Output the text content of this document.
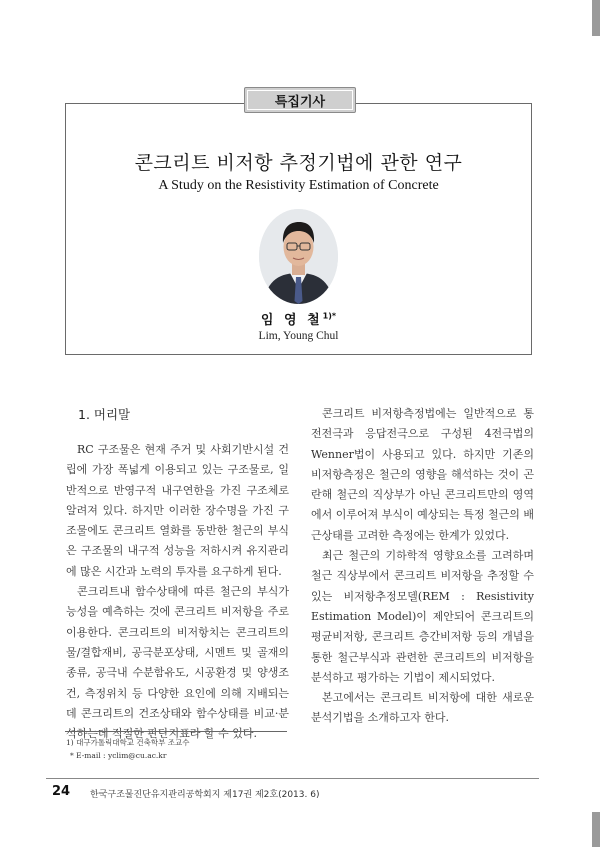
콘크리트 비저항 추정기법에 관한 연구
A Study on the Resistivity Estimation of Concrete
임 영 철$^{1)*}$
Lim, Young Chul
특집기사
1. 머리말

RC 구조물은 현재 주거 및 사회기반시설 건립에 가장 폭넓게 이용되고 있는 구조물로, 일반적으로 반영구적 내구연한을 가진 구조체로 알려져 있다. 하지만 이러한 장수명을 가진 구조물에도 콘크리트 열화를 동반한 철근의 부식은 구조물의 내구적 성능을 저하시켜 유지관리에 많은 시간과 노력의 투자를 요구하게 된다.

콘크리트내 함수상태에 따른 철근의 부식가능성을 예측하는 것에 콘크리트 비저항을 주로 이용한다. 콘크리트의 비저항치는 콘크리트의 물/결합재비, 공극분포상태, 시멘트 및 골재의 종류, 공극내 수분함유도, 시공환경 및 양생조건, 측정위치 등 다양한 요인에 의해 지배되는데 콘크리트의 건조상태와 함수상태를 비교·분석하는데 적절한 판단지표라 할 수 있다.

콘크리트 비저항측정법에는 일반적으로 통전전극과 응답전극으로 구성된 4전극법의 Wenner법이 사용되고 있다. 하지만 기존의 비저항측정은 철근의 영향을 해석하는 것이 곤란해 철근의 직상부가 아닌 콘크리트만의 영역에서 이루어져 부식이 예상되는 특정 철근의 배근상태를 고려한 측정에는 한계가 있었다.

최근 철근의 기하학적 영향요소를 고려하며 철근 직상부에서 콘크리트 비저항을 추정할 수 있는 비저항추정모델(REM : Resistivity Estimation Model)이 제안되어 콘크리트의 평균비저항, 콘크리트 층간비저항 등의 개념을 통한 철근부식과 관련한 콘크리트의 비저항을 분석하고 평가하는 기법이 제시되었다.

본고에서는 콘크리트 비저항에 대한 새로운 분석기법을 소개하고자 한다.

1) 대구가톨릭대학교 건축학부 조교수
* E-mail : yclim@cu.ac.kr
24 한국구조물진단유지관리공학회지 제17권 제2호(2013. 6)
